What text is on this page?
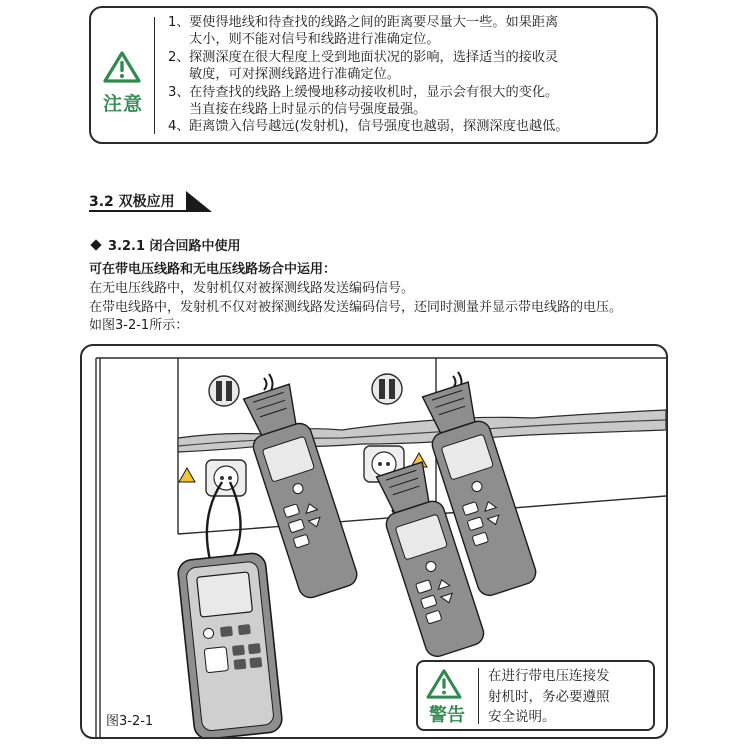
注意
1、 要使得地线和待查找的线路之间的距离要尽量大一些。如果距离
太小，则不能对信号和线路进行准确定位。
2、 探测深度在很大程度上受到地面状况的影响，选择适当的接收灵
敏度，可对探测线路进行准确定位。
3、 在待查找的线路上缓慢地移动接收机时，显示会有很大的变化。
当直接在线路上时显示的信号强度最强。
4、 距离馈入信号越远(发射机)，信号强度也越弱，探测深度也越低。
3.2 双极应用
3.2.1 闭合回路中使用

可在带电压线路和无电压线路场合中运用：

在无电压线路中，发射机仅对被探测线路发送编码信号。

在带电线路中，发射机不仅对被探测线路发送编码信号，还同时测量并显示带电线路的电压。

如图3-2-1所示：

图3-2-1	警告
在进行带电压连接发
射机时，务必要遵照
安全说明。
